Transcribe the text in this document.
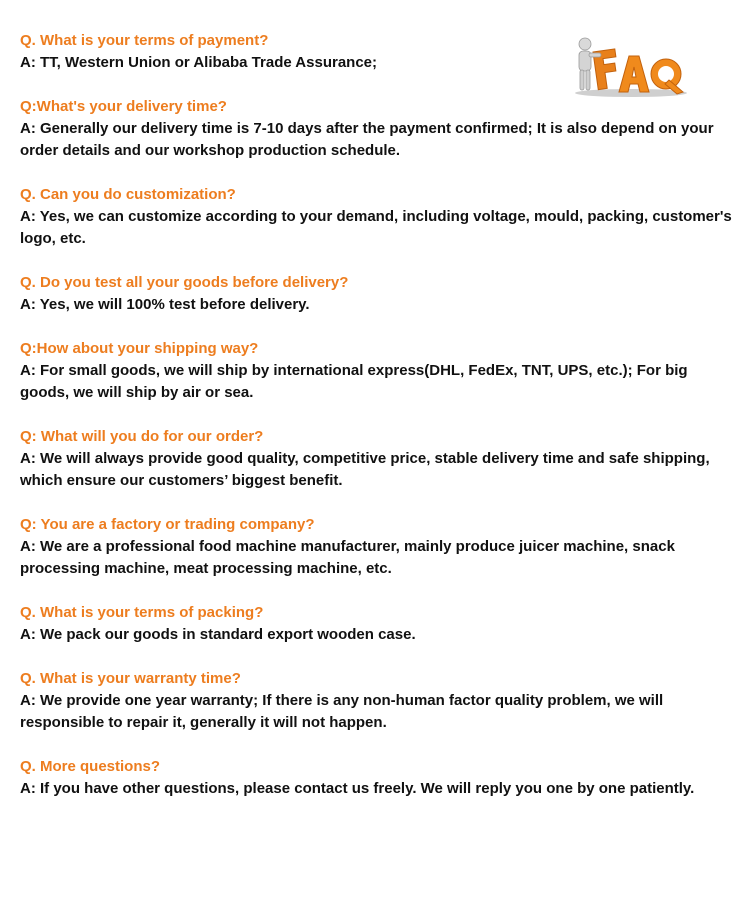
Q. What is your terms of payment?
A: TT, Western Union or Alibaba Trade Assurance;
Q:What's your delivery time?
A: Generally our delivery time is 7-10 days after the payment confirmed; It is also depend on your order details and our workshop production schedule.
Q. Can you do customization?
A: Yes, we can customize according to your demand, including voltage, mould, packing, customer's logo, etc.
Q. Do you test all your goods before delivery?
A: Yes, we will 100% test before delivery.
Q:How about your shipping way?
A: For small goods, we will ship by international express(DHL, FedEx, TNT, UPS, etc.); For big goods, we will ship by air or sea.
Q: What will you do for our order?
A: We will always provide good quality, competitive price, stable delivery time and safe shipping, which ensure our customers’ biggest benefit.
Q: You are a factory or trading company?
A: We are a professional food machine manufacturer, mainly produce juicer machine, snack processing machine, meat processing machine, etc.
Q. What is your terms of packing?
A: We pack our goods in standard export wooden case.
Q. What is your warranty time?
A: We provide one year warranty; If there is any non-human factor quality problem, we will responsible to repair it, generally it will not happen.
Q. More questions?
A: If you have other questions, please contact us freely. We will reply you one by one patiently.
